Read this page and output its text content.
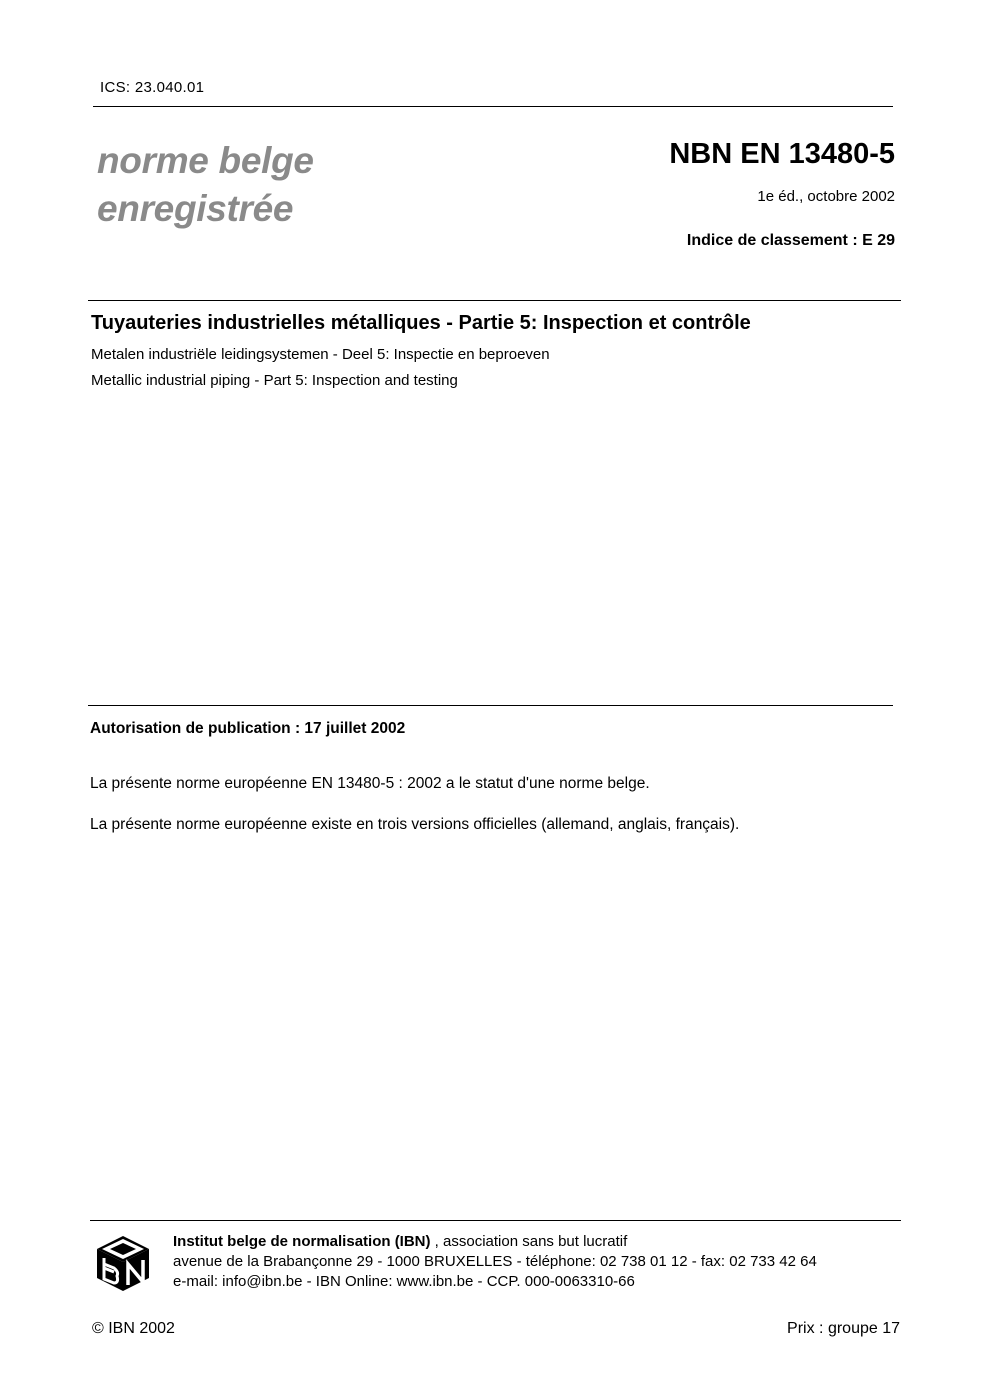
ICS: 23.040.01
norme belge
enregistrée
NBN EN 13480-5
1e éd., octobre 2002
Indice de classement : E 29
Tuyauteries industrielles métalliques - Partie 5: Inspection et contrôle
Metalen industriële leidingsystemen - Deel 5: Inspectie en beproeven
Metallic industrial piping - Part 5: Inspection and testing
Autorisation de publication : 17 juillet 2002
La présente norme européenne EN 13480-5 : 2002 a le statut d'une norme belge.
La présente norme européenne existe en trois versions officielles (allemand, anglais, français).
Institut belge de normalisation (IBN) , association sans but lucratif
avenue de la Brabançonne 29 - 1000 BRUXELLES - téléphone: 02 738 01 12 - fax: 02 733 42 64
e-mail: info@ibn.be - IBN Online: www.ibn.be - CCP. 000-0063310-66
© IBN 2002	Prix : groupe 17
